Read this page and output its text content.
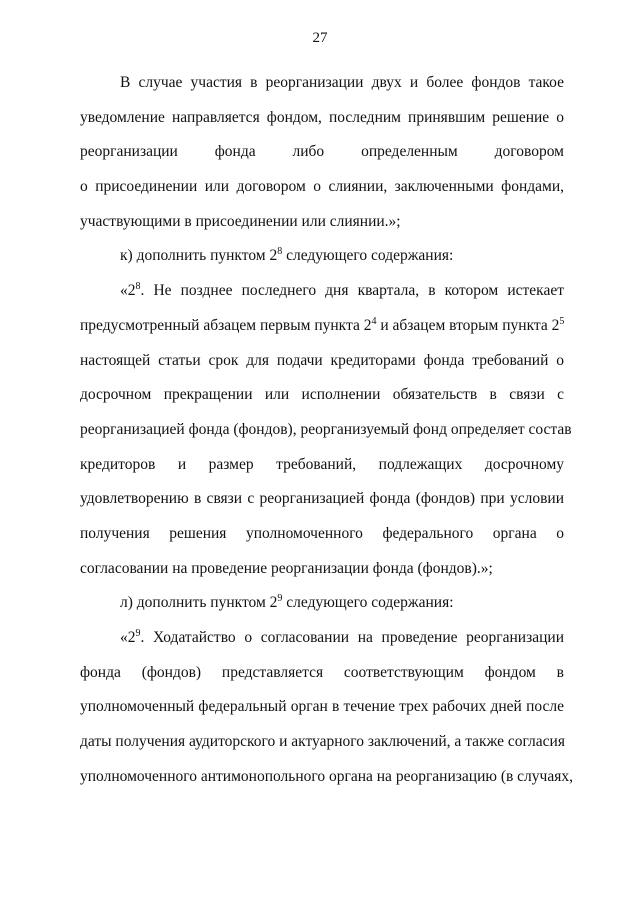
27
В случае участия в реорганизации двух и более фондов такое
уведомление направляется фондом, последним принявшим решение о
реорганизации фонда либо определенным договором
о присоединении или договором о слиянии, заключенными фондами,
участвующими в присоединении или слиянии.»;
к) дополнить пунктом $2^8$ следующего содержания:
«$2^8$. Не позднее последнего дня квартала, в котором истекает
предусмотренный абзацем первым пункта $2^4$ и абзацем вторым пункта $2^5$
настоящей статьи срок для подачи кредиторами фонда требований о
досрочном прекращении или исполнении обязательств в связи с
реорганизацией фонда (фондов), реорганизуемый фонд определяет состав
кредиторов и размер требований, подлежащих досрочному
удовлетворению в связи с реорганизацией фонда (фондов) при условии
получения решения уполномоченного федерального органа о
согласовании на проведение реорганизации фонда (фондов).»;
л) дополнить пунктом $2^9$ следующего содержания:
«$2^9$. Ходатайство о согласовании на проведение реорганизации
фонда (фондов) представляется соответствующим фондом в
уполномоченный федеральный орган в течение трех рабочих дней после
даты получения аудиторского и актуарного заключений, а также согласия
уполномоченного антимонопольного органа на реорганизацию (в случаях,
